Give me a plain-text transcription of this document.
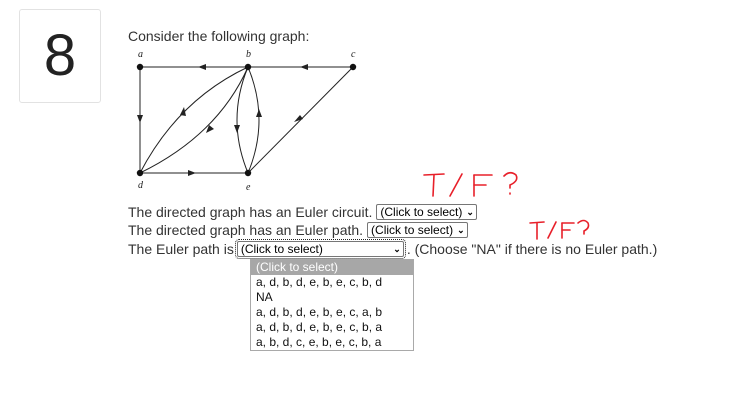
8	Consider the following graph:
a	b	c
d	e
The directed graph has an Euler circuit. (Click to select) ⌄
The directed graph has an Euler path. (Click to select) ⌄
The Euler path is (Click to select)	⌄ . (Choose "NA" if there is no Euler path.)
(Click to select)
a, d, b, d, e, b, e, c, b, d
NA
a, d, b, d, e, b, e, c, a, b
a, d, b, d, e, b, e, c, b, a
a, b, d, c, e, b, e, c, b, a
